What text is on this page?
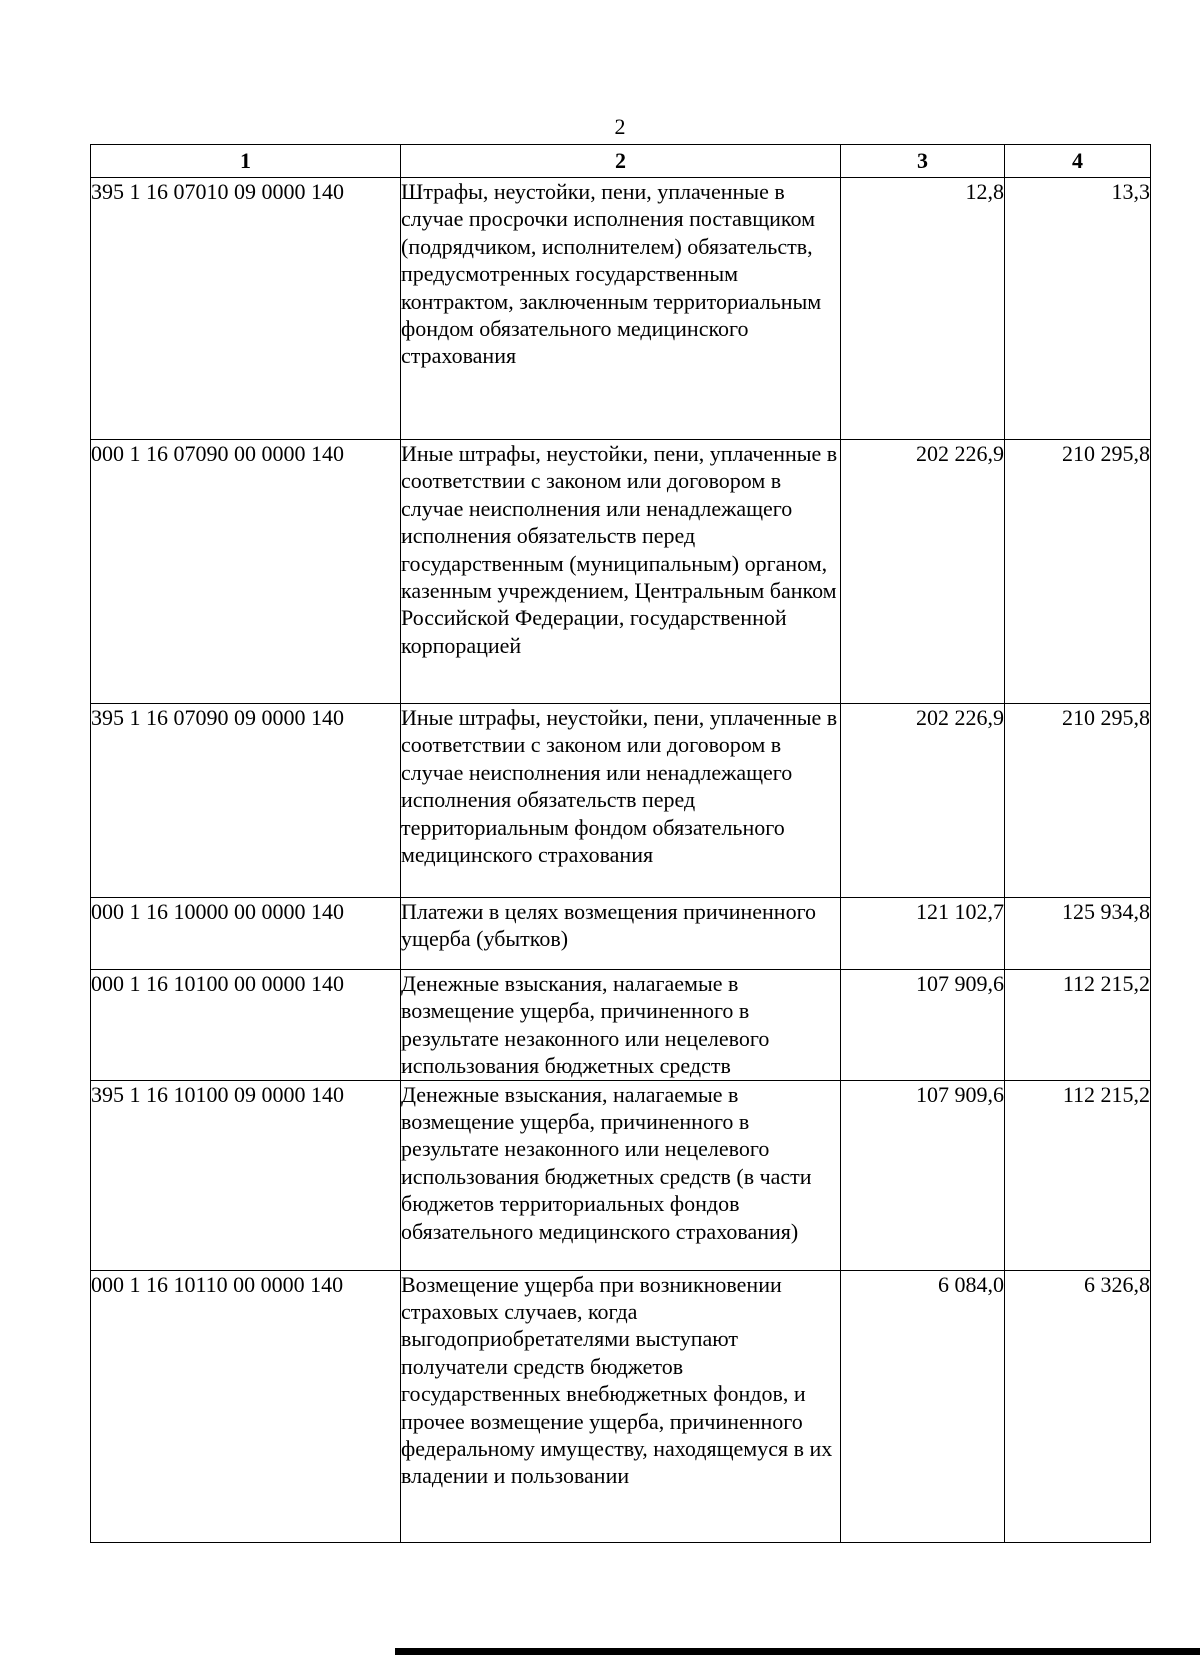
2
1	2	3	4
395 1 16 07010 09 0000 140	Штрафы, неустойки, пени, уплаченные в случае просрочки исполнения поставщиком (подрядчиком, исполнителем) обязательств, предусмотренных государственным контрактом, заключенным территориальным фондом обязательного медицинского страхования	12,8	13,3
000 1 16 07090 00 0000 140	Иные штрафы, неустойки, пени, уплаченные в соответствии с законом или договором в случае неисполнения или ненадлежащего исполнения обязательств перед государственным (муниципальным) органом, казенным учреждением, Центральным банком Российской Федерации, государственной корпорацией	202 226,9	210 295,8
395 1 16 07090 09 0000 140	Иные штрафы, неустойки, пени, уплаченные в соответствии с законом или договором в случае неисполнения или ненадлежащего исполнения обязательств перед территориальным фондом обязательного медицинского страхования	202 226,9	210 295,8
000 1 16 10000 00 0000 140	Платежи в целях возмещения причиненного ущерба (убытков)	121 102,7	125 934,8
000 1 16 10100 00 0000 140	Денежные взыскания, налагаемые в возмещение ущерба, причиненного в результате незаконного или нецелевого использования бюджетных средств	107 909,6	112 215,2
395 1 16 10100 09 0000 140	Денежные взыскания, налагаемые в возмещение ущерба, причиненного в результате незаконного или нецелевого использования бюджетных средств (в части бюджетов территориальных фондов обязательного медицинского страхования)	107 909,6	112 215,2
000 1 16 10110 00 0000 140	Возмещение ущерба при возникновении страховых случаев, когда выгодоприобретателями выступают получатели средств бюджетов государственных внебюджетных фондов, и прочее возмещение ущерба, причиненного федеральному имуществу, находящемуся в их владении и пользовании	6 084,0	6 326,8
